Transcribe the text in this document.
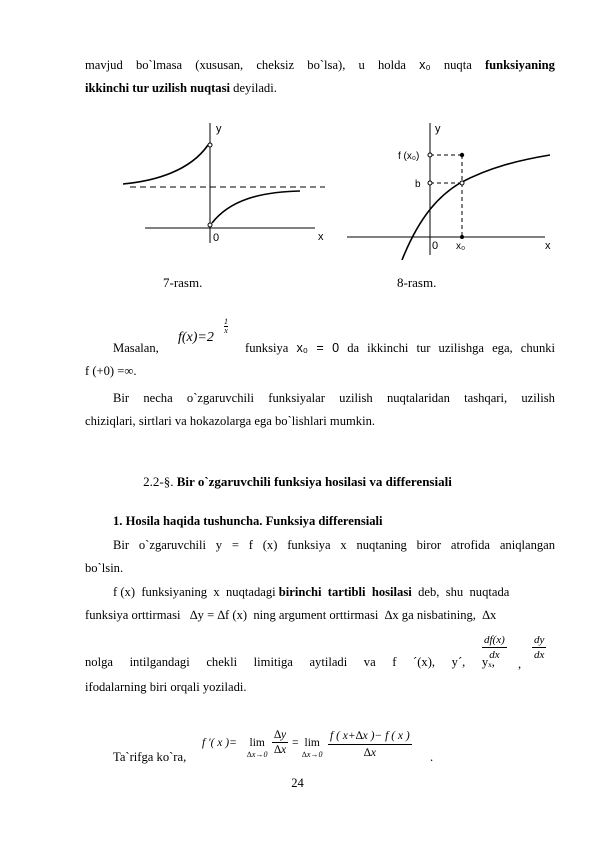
mavjud bo`lmasa (xususan, cheksiz bo`lsa), u holda x₀ nuqta funksiyaning
ikkinchi tur uzilish nuqtasi deyiladi.
y
x
0
7-rasm.
y
x
0 x₀
f (x₀)
b
8-rasm.
Masalan,
f(x)=2
$\frac{1}{x}$
funksiya x₀ = 0 da ikkinchi tur uzilishga ega, chunki
f (+0) =∞.
Bir necha o`zgaruvchili funksiyalar uzilish nuqtalaridan tashqari, uzilish
chiziqlari, sirtlari va hokazolarga ega bo`lishlari mumkin.
2.2-§. Bir o`zgaruvchili funksiya hosilasi va differensiali
1. Hosila haqida tushuncha. Funksiya differensiali
Bir o`zgaruvchili y = f (x) funksiya x nuqtaning biror atrofida aniqlangan
bo`lsin.
f (x)  funksiyaning  x  nuqtadagi birinchi  tartibli  hosilasi  deb,  shu  nuqtada
funksiya orttirmasi   ∆y = ∆f (x)  ning argument orttirmasi  ∆x ga nisbatining,  ∆x
nolga intilgandagi chekli limitiga aytiladi va f ´(x), y´, yₓ,
$\frac{df(x)}{dx}$
,
$\frac{dy}{dx}$
ifodalarning biri orqali yoziladi.
Ta`rifga ko`ra,
f ′( x )= lim
$\Delta x\to 0 \frac{\Delta y}{\Delta x} = \lim$
$\Delta x\to 0 \frac{f ( x+\Delta x )- f ( x )}{\Delta x}$ .
24
